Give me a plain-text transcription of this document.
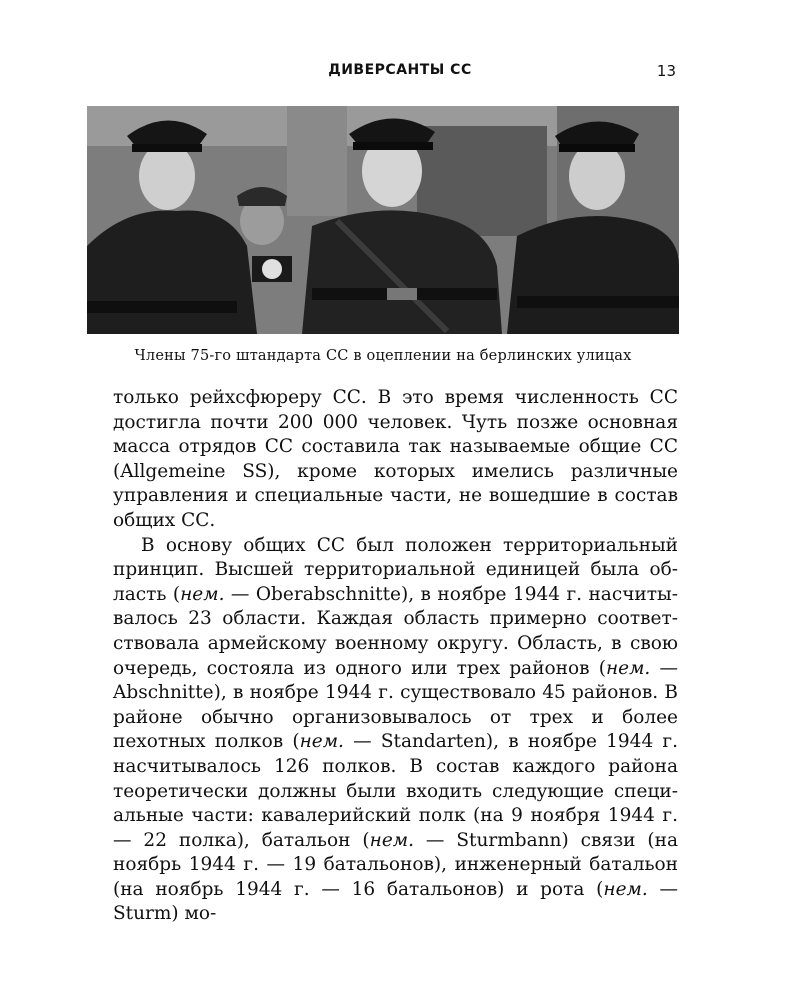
ДИВЕРСАНТЫ СС	13
Члены 75-го штандарта СС в оцеплении на берлинских улицах

только рейхсфюреру СС. В это время численность СС достигла почти 200 000 человек. Чуть позже основная масса отрядов СС составила так называемые общие СС (Allgemeine SS), кроме которых имелись различные управления и специальные части, не вошедшие в состав общих СС.

В основу общих СС был положен территориальный принцип. Высшей территориальной единицей была область (нем. — Oberabschnitte), в ноябре 1944 г. насчитывалось 23 области. Каждая область примерно соответствовала армейскому военному округу. Область, в свою очередь, состояла из одного или трех районов (нем. — Abschnitte), в ноябре 1944 г. существовало 45 районов. В районе обычно организовывалось от трех и более пехотных полков (нем. — Standarten), в ноябре 1944 г. насчитывалось 126 полков. В состав каждого района теоретически должны были входить следующие специальные части: кавалерийский полк (на 9 ноября 1944 г. — 22 полка), батальон (нем. — Sturmbann) связи (на ноябрь 1944 г. — 19 батальонов), инженерный батальон (на ноябрь 1944 г. — 16 батальонов) и рота (нем. — Sturm) мо-
